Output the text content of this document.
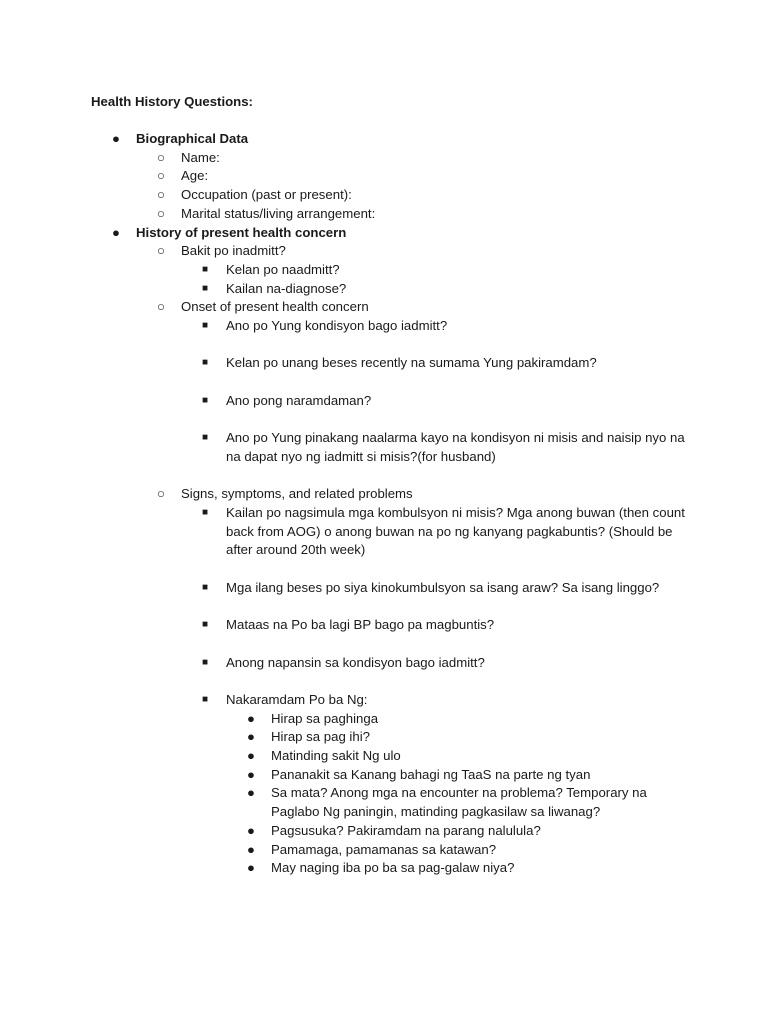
Health History Questions:

● Biographical Data
○ Name:
○ Age:
○ Occupation (past or present):
○ Marital status/living arrangement:
● History of present health concern
○ Bakit po inadmitt?
■ Kelan po naadmitt?
■ Kailan na-diagnose?
○ Onset of present health concern
■ Ano po Yung kondisyon bago iadmitt?
■ Kelan po unang beses recently na sumama Yung pakiramdam?
■ Ano pong naramdaman?
■ Ano po Yung pinakang naalarma kayo na kondisyon ni misis and naisip nyo na na dapat nyo ng iadmitt si misis?(for husband)
○ Signs, symptoms, and related problems
■ Kailan po nagsimula mga kombulsyon ni misis? Mga anong buwan (then count back from AOG) o anong buwan na po ng kanyang pagkabuntis? (Should be after around 20th week)
■ Mga ilang beses po siya kinokumbulsyon sa isang araw? Sa isang linggo?
■ Mataas na Po ba lagi BP bago pa magbuntis?
■ Anong napansin sa kondisyon bago iadmitt?
■ Nakaramdam Po ba Ng:
● Hirap sa paghinga
● Hirap sa pag ihi?
● Matinding sakit Ng ulo
● Pananakit sa Kanang bahagi ng TaaS na parte ng tyan
● Sa mata? Anong mga na encounter na problema? Temporary na Paglabo Ng paningin, matinding pagkasilaw sa liwanag?
● Pagsusuka? Pakiramdam na parang nalulula?
● Pamamaga, pamamanas sa katawan?
● May naging iba po ba sa pag-galaw niya?
